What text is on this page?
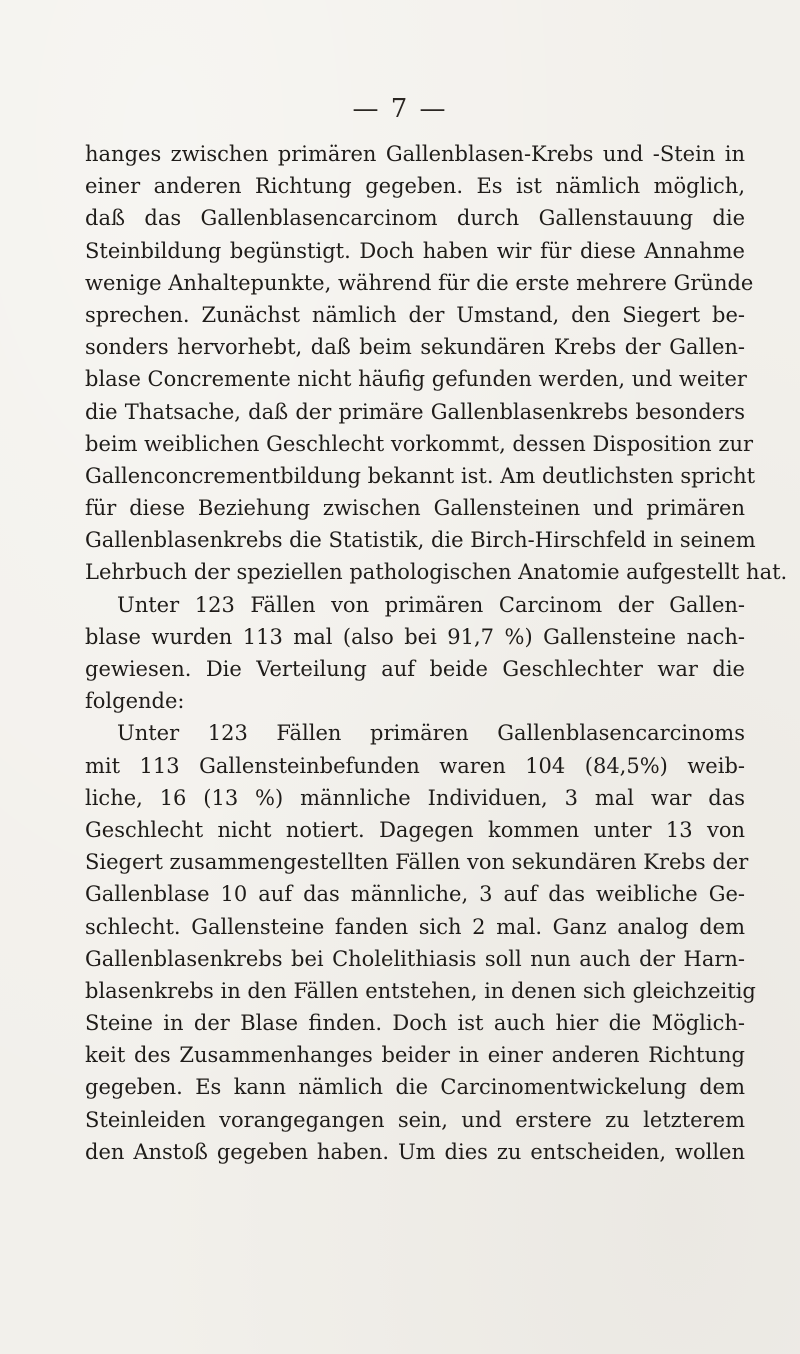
— 7 —
hanges zwischen primären Gallenblasen-Krebs und -Stein in
einer anderen Richtung gegeben. Es ist nämlich möglich,
daß das Gallenblasencarcinom durch Gallenstauung die
Steinbildung begünstigt. Doch haben wir für diese Annahme
wenige Anhaltepunkte, während für die erste mehrere Gründe
sprechen. Zunächst nämlich der Umstand, den Siegert be-
sonders hervorhebt, daß beim sekundären Krebs der Gallen-
blase Concremente nicht häufig gefunden werden, und weiter
die Thatsache, daß der primäre Gallenblasenkrebs besonders
beim weiblichen Geschlecht vorkommt, dessen Disposition zur
Gallenconcrementbildung bekannt ist. Am deutlichsten spricht
für diese Beziehung zwischen Gallensteinen und primären
Gallenblasenkrebs die Statistik, die Birch-Hirschfeld in seinem
Lehrbuch der speziellen pathologischen Anatomie aufgestellt hat.
Unter 123 Fällen von primären Carcinom der Gallen-
blase wurden 113 mal (also bei 91,7 %) Gallensteine nach-
gewiesen. Die Verteilung auf beide Geschlechter war die
folgende:
Unter 123 Fällen primären Gallenblasencarcinoms
mit 113 Gallensteinbefunden waren 104 (84,5%) weib-
liche, 16 (13 %) männliche Individuen, 3 mal war das
Geschlecht nicht notiert. Dagegen kommen unter 13 von
Siegert zusammengestellten Fällen von sekundären Krebs der
Gallenblase 10 auf das männliche, 3 auf das weibliche Ge-
schlecht. Gallensteine fanden sich 2 mal. Ganz analog dem
Gallenblasenkrebs bei Cholelithiasis soll nun auch der Harn-
blasenkrebs in den Fällen entstehen, in denen sich gleichzeitig
Steine in der Blase finden. Doch ist auch hier die Möglich-
keit des Zusammenhanges beider in einer anderen Richtung
gegeben. Es kann nämlich die Carcinomentwickelung dem
Steinleiden vorangegangen sein, und erstere zu letzterem
den Anstoß gegeben haben. Um dies zu entscheiden, wollen
